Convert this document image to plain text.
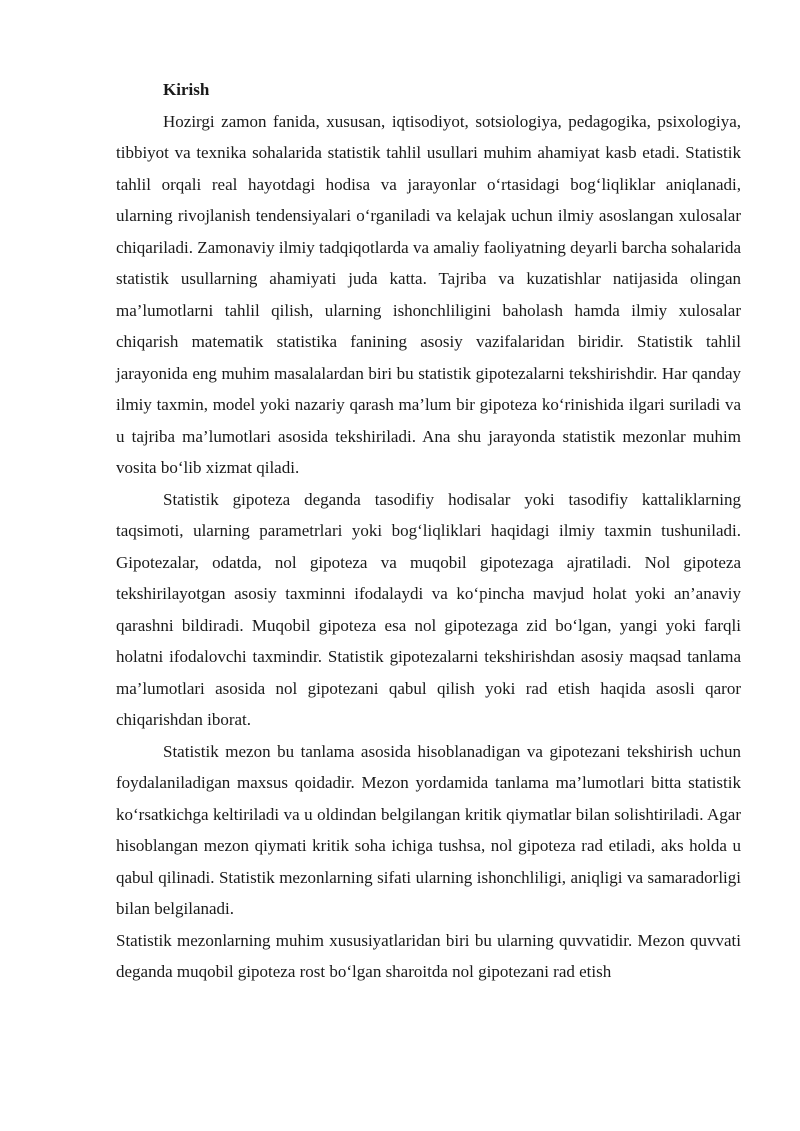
Kirish

Hozirgi zamon fanida, xususan, iqtisodiyot, sotsiologiya, pedagogika, psixologiya, tibbiyot va texnika sohalarida statistik tahlil usullari muhim ahamiyat kasb etadi. Statistik tahlil orqali real hayotdagi hodisa va jarayonlar o‘rtasidagi bog‘liqliklar aniqlanadi, ularning rivojlanish tendensiyalari o‘rganiladi va kelajak uchun ilmiy asoslangan xulosalar chiqariladi. Zamonaviy ilmiy tadqiqotlarda va amaliy faoliyatning deyarli barcha sohalarida statistik usullarning ahamiyati juda katta. Tajriba va kuzatishlar natijasida olingan ma’lumotlarni tahlil qilish, ularning ishonchliligini baholash hamda ilmiy xulosalar chiqarish matematik statistika fanining asosiy vazifalaridan biridir. Statistik tahlil jarayonida eng muhim masalalardan biri bu statistik gipotezalarni tekshirishdir. Har qanday ilmiy taxmin, model yoki nazariy qarash ma’lum bir gipoteza ko‘rinishida ilgari suriladi va u tajriba ma’lumotlari asosida tekshiriladi. Ana shu jarayonda statistik mezonlar muhim vosita bo‘lib xizmat qiladi.

Statistik gipoteza deganda tasodifiy hodisalar yoki tasodifiy kattaliklarning taqsimoti, ularning parametrlari yoki bog‘liqliklari haqidagi ilmiy taxmin tushuniladi. Gipotezalar, odatda, nol gipoteza va muqobil gipotezaga ajratiladi. Nol gipoteza tekshirilayotgan asosiy taxminni ifodalaydi va ko‘pincha mavjud holat yoki an’anaviy qarashni bildiradi. Muqobil gipoteza esa nol gipotezaga zid bo‘lgan, yangi yoki farqli holatni ifodalovchi taxmindir. Statistik gipotezalarni tekshirishdan asosiy maqsad tanlama ma’lumotlari asosida nol gipotezani qabul qilish yoki rad etish haqida asosli qaror chiqarishdan iborat.

Statistik mezon bu tanlama asosida hisoblanadigan va gipotezani tekshirish uchun foydalaniladigan maxsus qoidadir. Mezon yordamida tanlama ma’lumotlari bitta statistik ko‘rsatkichga keltiriladi va u oldindan belgilangan kritik qiymatlar bilan solishtiriladi. Agar hisoblangan mezon qiymati kritik soha ichiga tushsa, nol gipoteza rad etiladi, aks holda u qabul qilinadi. Statistik mezonlarning sifati ularning ishonchliligi, aniqligi va samaradorligi bilan belgilanadi.

Statistik mezonlarning muhim xususiyatlaridan biri bu ularning quvvatidir. Mezon quvvati deganda muqobil gipoteza rost bo‘lgan sharoitda nol gipotezani rad etish
